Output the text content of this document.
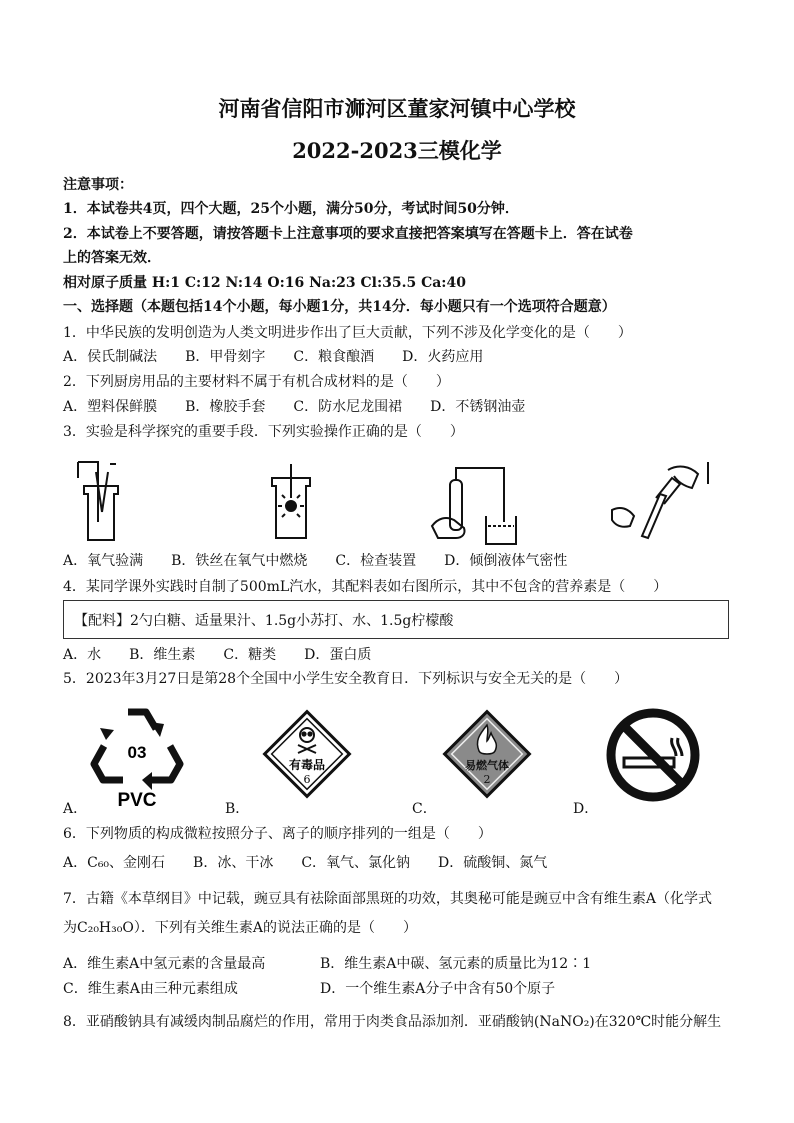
河南省信阳市浉河区董家河镇中心学校
2022-2023三模化学
注意事项：
1．本试卷共4页，四个大题，25个小题，满分50分，考试时间50分钟．
2．本试卷上不要答题，请按答题卡上注意事项的要求直接把答案填写在答题卡上．答在试卷
上的答案无效．
相对原子质量 H:1 C:12 N:14 O:16 Na:23 Cl:35.5 Ca:40
一、选择题（本题包括14个小题，每小题1分，共14分．每小题只有一个选项符合题意）
1．中华民族的发明创造为人类文明进步作出了巨大贡献，下列不涉及化学变化的是（　　）
A．侯氏制碱法　　B．甲骨刻字　　C．粮食酿酒　　D．火药应用
2．下列厨房用品的主要材料不属于有机合成材料的是（　　）
A．塑料保鲜膜　　B．橡胶手套　　C．防水尼龙围裙　　D．不锈钢油壶
3．实验是科学探究的重要手段．下列实验操作正确的是（　　）
A．氧气验满　　B．铁丝在氧气中燃烧　　C．检查装置　　D．倾倒液体气密性
4．某同学课外实践时自制了500mL汽水，其配料表如右图所示，其中不包含的营养素是（　　）
【配料】2勺白糖、适量果汁、1.5g小苏打、水、1.5g柠檬酸
A．水　　B．维生素　　C．糖类　　D．蛋白质
5．2023年3月27日是第28个全国中小学生安全教育日．下列标识与安全无关的是（　　）
A．
03
PVC	B．
有毒品
6
C．
易燃气体
2
D．
6．下列物质的构成微粒按照分子、离子的顺序排列的一组是（　　）
A．C₆₀、金刚石　　B．冰、干冰　　C．氧气、氯化钠　　D．硫酸铜、氮气
7．古籍《本草纲目》中记载，豌豆具有祛除面部黑斑的功效，其奥秘可能是豌豆中含有维生素A（化学式
为C₂₀H₃₀O）．下列有关维生素A的说法正确的是（　　）
A．维生素A中氢元素的含量最高	B．维生素A中碳、氢元素的质量比为12∶1
C．维生素A由三种元素组成	D．一个维生素A分子中含有50个原子
8．亚硝酸钠具有减缓肉制品腐烂的作用，常用于肉类食品添加剂．亚硝酸钠(NaNO₂)在320℃时能分解生
